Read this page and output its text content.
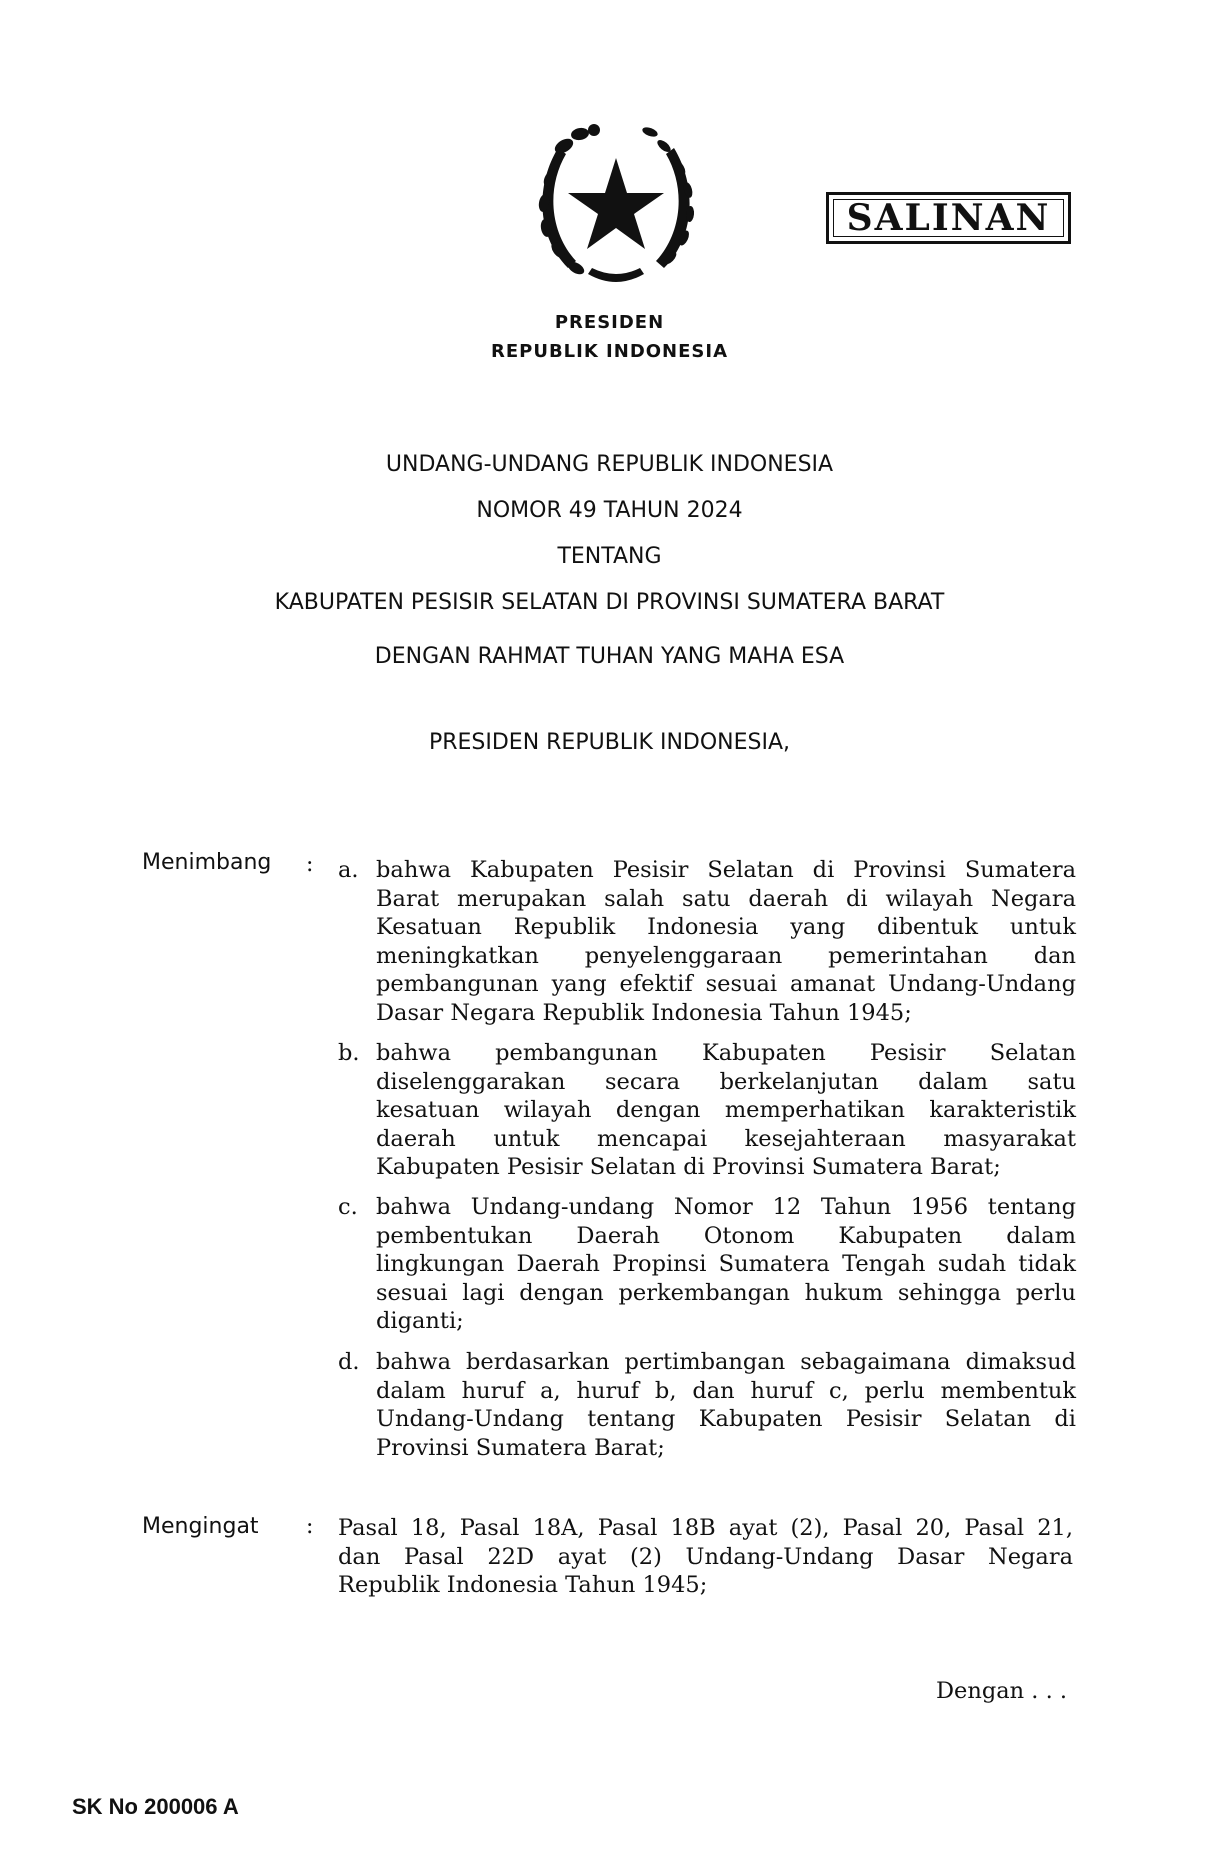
SALINAN
PRESIDEN
REPUBLIK INDONESIA
UNDANG-UNDANG REPUBLIK INDONESIA
NOMOR 49 TAHUN 2024
TENTANG
KABUPATEN PESISIR SELATAN DI PROVINSI SUMATERA BARAT
DENGAN RAHMAT TUHAN YANG MAHA ESA
PRESIDEN REPUBLIK INDONESIA,
Menimbang : a. bahwa Kabupaten Pesisir Selatan di Provinsi Sumatera
Barat merupakan salah satu daerah di wilayah Negara
Kesatuan Republik Indonesia yang dibentuk untuk
meningkatkan penyelenggaraan pemerintahan dan
pembangunan yang efektif sesuai amanat Undang-Undang
Dasar Negara Republik Indonesia Tahun 1945;
b. bahwa pembangunan Kabupaten Pesisir Selatan
diselenggarakan secara berkelanjutan dalam satu
kesatuan wilayah dengan memperhatikan karakteristik
daerah untuk mencapai kesejahteraan masyarakat
Kabupaten Pesisir Selatan di Provinsi Sumatera Barat;
c. bahwa Undang-undang Nomor 12 Tahun 1956 tentang
pembentukan Daerah Otonom Kabupaten dalam
lingkungan Daerah Propinsi Sumatera Tengah sudah tidak
sesuai lagi dengan perkembangan hukum sehingga perlu
diganti;
d. bahwa berdasarkan pertimbangan sebagaimana dimaksud
dalam huruf a, huruf b, dan huruf c, perlu membentuk
Undang-Undang tentang Kabupaten Pesisir Selatan di
Provinsi Sumatera Barat;
Mengingat : Pasal 18, Pasal 18A, Pasal 18B ayat (2), Pasal 20, Pasal 21,
dan Pasal 22D ayat (2) Undang-Undang Dasar Negara
Republik Indonesia Tahun 1945;
Dengan . . .
SK No 200006 A
